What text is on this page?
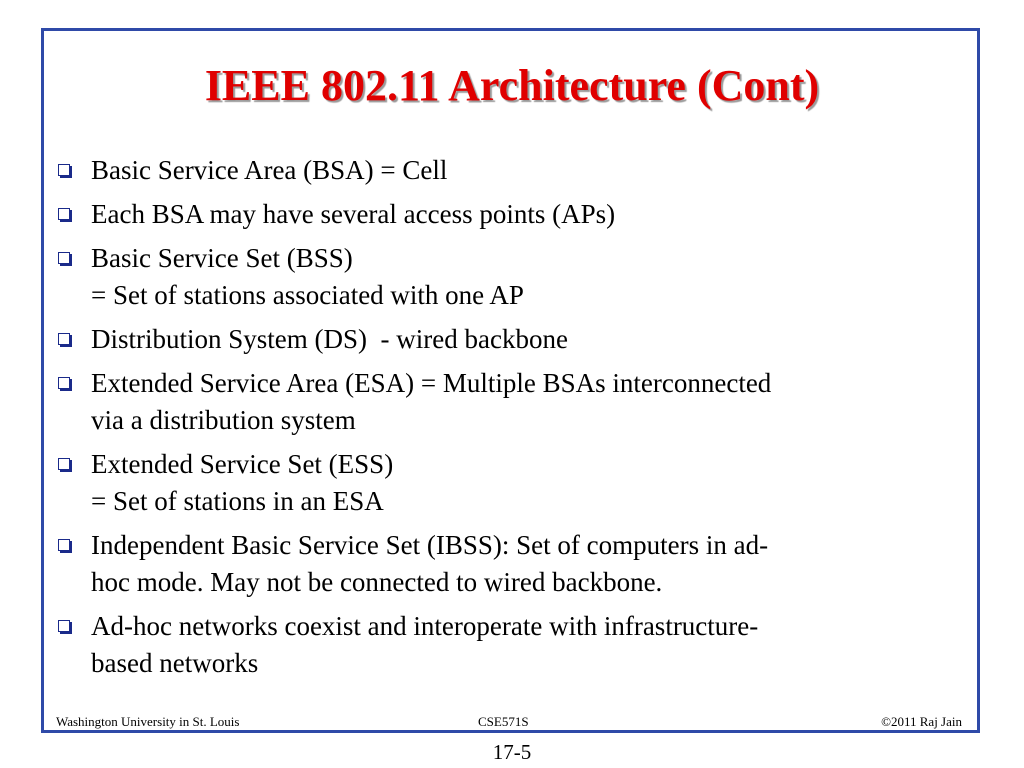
IEEE 802.11 Architecture (Cont)
Basic Service Area (BSA) = Cell
Each BSA may have several access points (APs)
Basic Service Set (BSS)
= Set of stations associated with one AP
Distribution System (DS)  - wired backbone
Extended Service Area (ESA) = Multiple BSAs interconnected
via a distribution system
Extended Service Set (ESS)
= Set of stations in an ESA
Independent Basic Service Set (IBSS): Set of computers in ad-
hoc mode. May not be connected to wired backbone.
Ad-hoc networks coexist and interoperate with infrastructure-
based networks
Washington University in St. Louis	CSE571S	©2011 Raj Jain
17-5
